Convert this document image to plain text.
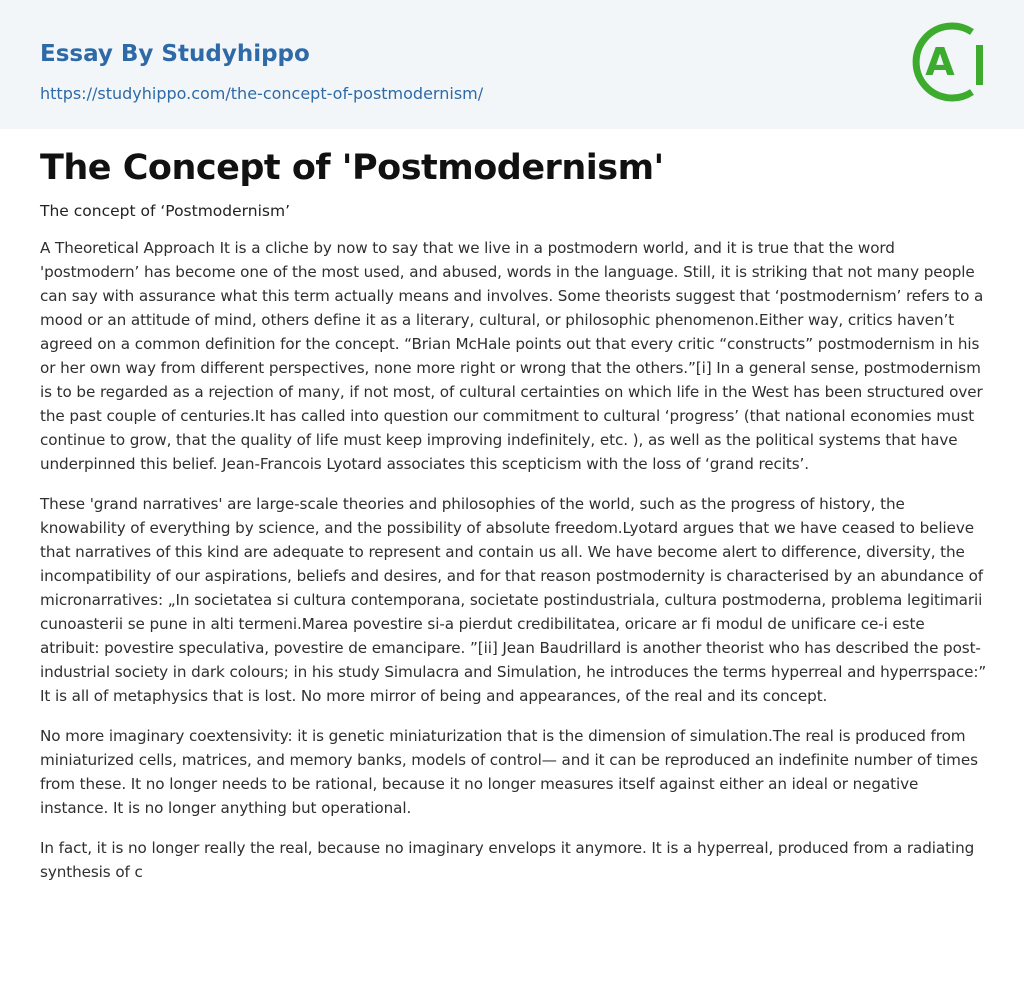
Essay By Studyhippo
https://studyhippo.com/the-concept-of-postmodernism/
A
The Concept of 'Postmodernism'

The concept of ‘Postmodernism’

A Theoretical Approach It is a cliche by now to say that we live in a postmodern world, and it is true that the word 'postmodern’ has become one of the most used, and abused, words in the language. Still, it is striking that not many people can say with assurance what this term actually means and involves. Some theorists suggest that ‘postmodernism’ refers to a mood or an attitude of mind, others define it as a literary, cultural, or philosophic phenomenon.Either way, critics haven’t agreed on a common definition for the concept. “Brian McHale points out that every critic “constructs” postmodernism in his or her own way from different perspectives, none more right or wrong that the others.”[i] In a general sense, postmodernism is to be regarded as a rejection of many, if not most, of cultural certainties on which life in the West has been structured over the past couple of centuries.It has called into question our commitment to cultural ‘progress’ (that national economies must continue to grow, that the quality of life must keep improving indefinitely, etc. ), as well as the political systems that have underpinned this belief. Jean-Francois Lyotard associates this scepticism with the loss of ‘grand recits’.

These 'grand narratives' are large-scale theories and philosophies of the world, such as the progress of history, the knowability of everything by science, and the possibility of absolute freedom.Lyotard argues that we have ceased to believe that narratives of this kind are adequate to represent and contain us all. We have become alert to difference, diversity, the incompatibility of our aspirations, beliefs and desires, and for that reason postmodernity is characterised by an abundance of micronarratives: „In societatea si cultura contemporana, societate postindustriala, cultura postmoderna, problema legitimarii cunoasterii se pune in alti termeni.Marea povestire si-a pierdut credibilitatea, oricare ar fi modul de unificare ce-i este atribuit: povestire speculativa, povestire de emancipare. ”[ii] Jean Baudrillard is another theorist who has described the post-industrial society in dark colours; in his study Simulacra and Simulation, he introduces the terms hyperreal and hyperrspace:” It is all of metaphysics that is lost. No more mirror of being and appearances, of the real and its concept.

No more imaginary coextensivity: it is genetic miniaturization that is the dimension of simulation.The real is produced from miniaturized cells, matrices, and memory banks, models of control— and it can be reproduced an indefinite number of times from these. It no longer needs to be rational, because it no longer measures itself against either an ideal or negative instance. It is no longer anything but operational.

In fact, it is no longer really the real, because no imaginary envelops it anymore. It is a hyperreal, produced from a radiating synthesis of c
